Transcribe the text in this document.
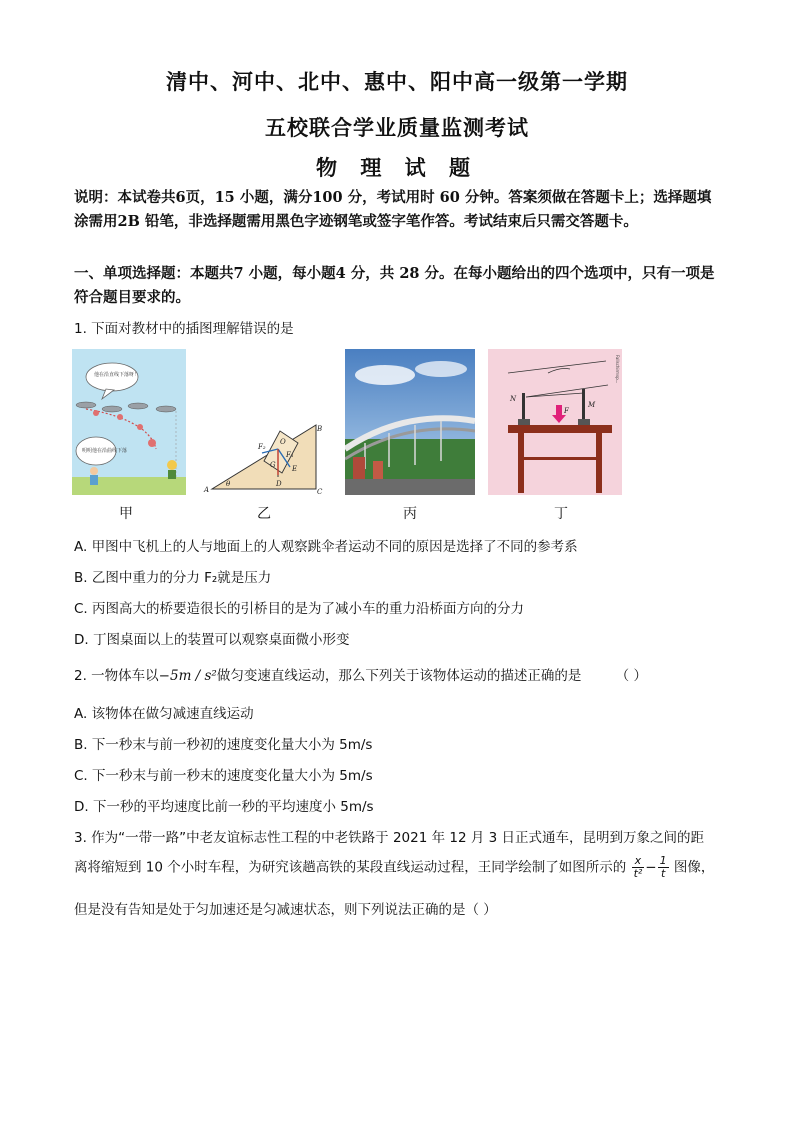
清中、河中、北中、惠中、阳中高一级第一学期
五校联合学业质量监测考试
物 理 试 题
说明：本试卷共6页，15 小题，满分100 分，考试用时 60 分钟。答案须做在答题卡上；选择题填涂需用2B 铅笔，非选择题需用黑色字迹钢笔或签字笔作答。考试结束后只需交答题卡。
一、单项选择题：本题共7 小题，每小题4 分，共 28 分。在每小题给出的四个选项中，只有一项是符合题目要求的。
1. 下面对教材中的插图理解错误的是
他在沿直线下落呀！
明明他在沿曲线下落
A
B
C
D
O
E
F₁
F₂
G
θ
N
M
F
Fallschirmsp...
甲	乙	丙	丁
A. 甲图中飞机上的人与地面上的人观察跳伞者运动不同的原因是选择了不同的参考系
B. 乙图中重力的分力 F₂就是压力
C. 丙图高大的桥要造很长的引桥目的是为了减小车的重力沿桥面方向的分力
D. 丁图桌面以上的装置可以观察桌面微小形变
2. 一物体车以−5m / s²做匀变速直线运动，那么下列关于该物体运动的描述正确的是	（ ）
A. 该物体在做匀减速直线运动
B. 下一秒末与前一秒初的速度变化量大小为 5m/s
C. 下一秒末与前一秒末的速度变化量大小为 5m/s
D. 下一秒的平均速度比前一秒的平均速度小 5m/s
3. 作为“一带一路”中老友谊标志性工程的中老铁路于 2021 年 12 月 3 日正式通车，昆明到万象之间的距
离将缩短到 10 个小时车程，为研究该趟高铁的某段直线运动过程，王同学绘制了如图所示的 $\frac{x}{\text{t²}} - \frac{1}{t}$ 图像，
但是没有告知是处于匀加速还是匀减速状态，则下列说法正确的是（ ）
